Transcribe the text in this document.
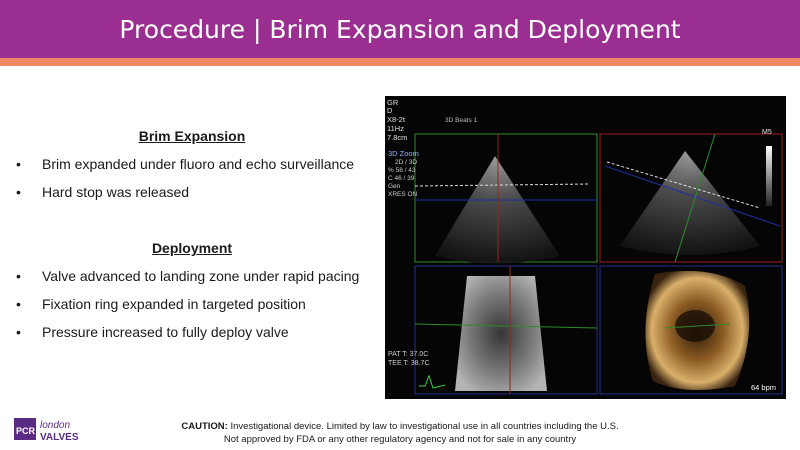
Procedure | Brim Expansion and Deployment
Brim Expansion
• Brim expanded under fluoro and echo surveillance
• Hard stop was released
Deployment
• Valve advanced to landing zone under rapid pacing
• Fixation ring expanded in targeted position
• Pressure increased to fully deploy valve
GR
D
X8-2t
11Hz
7.8cm
3D Beats 1
3D Zoom
2D / 3D
% 58 / 43
C 46 / 39
Gen
XRES ON
M5
PAT T: 37.0C
TEE T: 38.7C
64 bpm
PCR london
VALVES
CAUTION: Investigational device. Limited by law to investigational use in all countries including the U.S.
Not approved by FDA or any other regulatory agency and not for sale in any country
